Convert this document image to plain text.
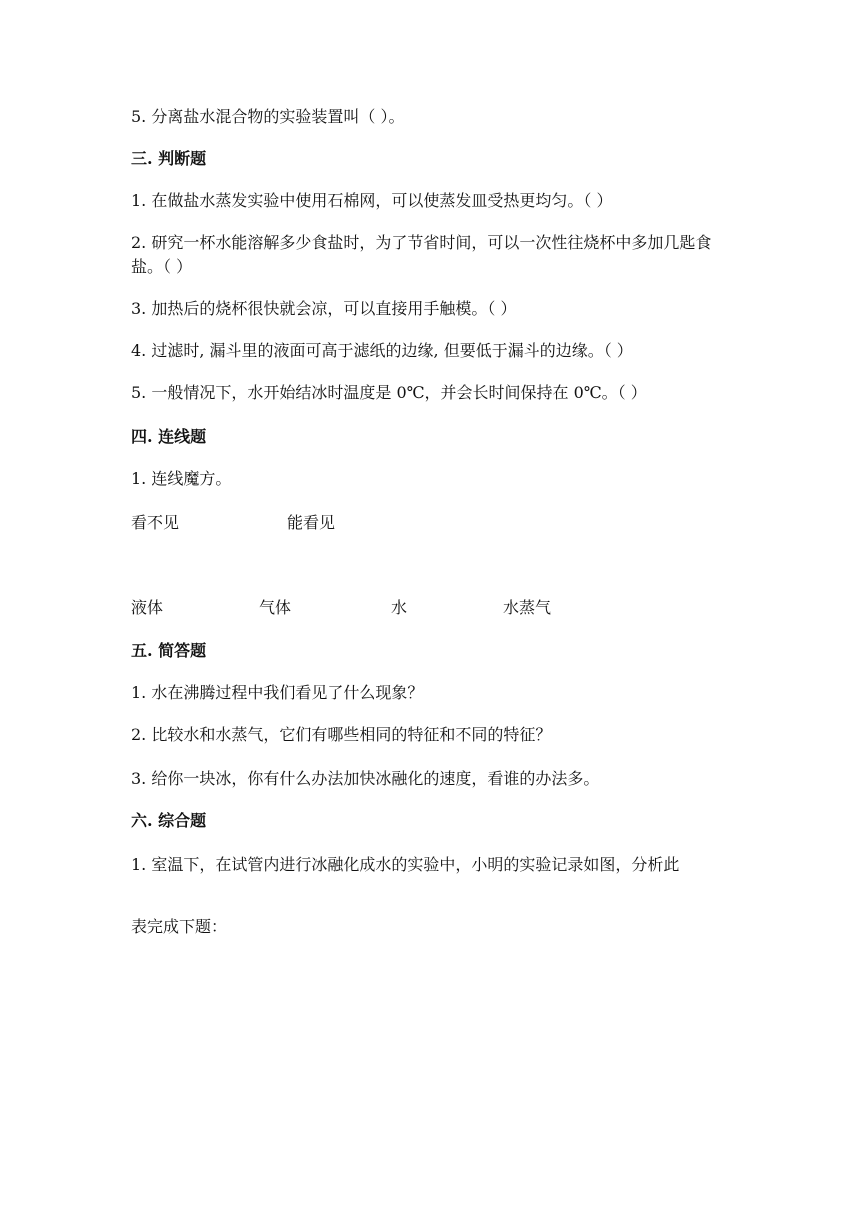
5. 分离盐水混合物的实验装置叫（ ）。
三. 判断题
1. 在做盐水蒸发实验中使用石棉网，可以使蒸发皿受热更均匀。（ ）
2. 研究一杯水能溶解多少食盐时，为了节省时间，可以一次性往烧杯中多加几匙食盐。（ ）
3. 加热后的烧杯很快就会凉，可以直接用手触模。（ ）
4. 过滤时, 漏斗里的液面可高于滤纸的边缘, 但要低于漏斗的边缘。（ ）
5. 一般情况下，水开始结冰时温度是 0℃，并会长时间保持在 0℃。（ ）
四. 连线题
1. 连线魔方。
看不见	能看见
液体	气体	水	水蒸气
五. 简答题
1. 水在沸腾过程中我们看见了什么现象？
2. 比较水和水蒸气，它们有哪些相同的特征和不同的特征？
3. 给你一块冰，你有什么办法加快冰融化的速度，看谁的办法多。
六. 综合题
1. 室温下，在试管内进行冰融化成水的实验中，小明的实验记录如图，分析此
表完成下题：
